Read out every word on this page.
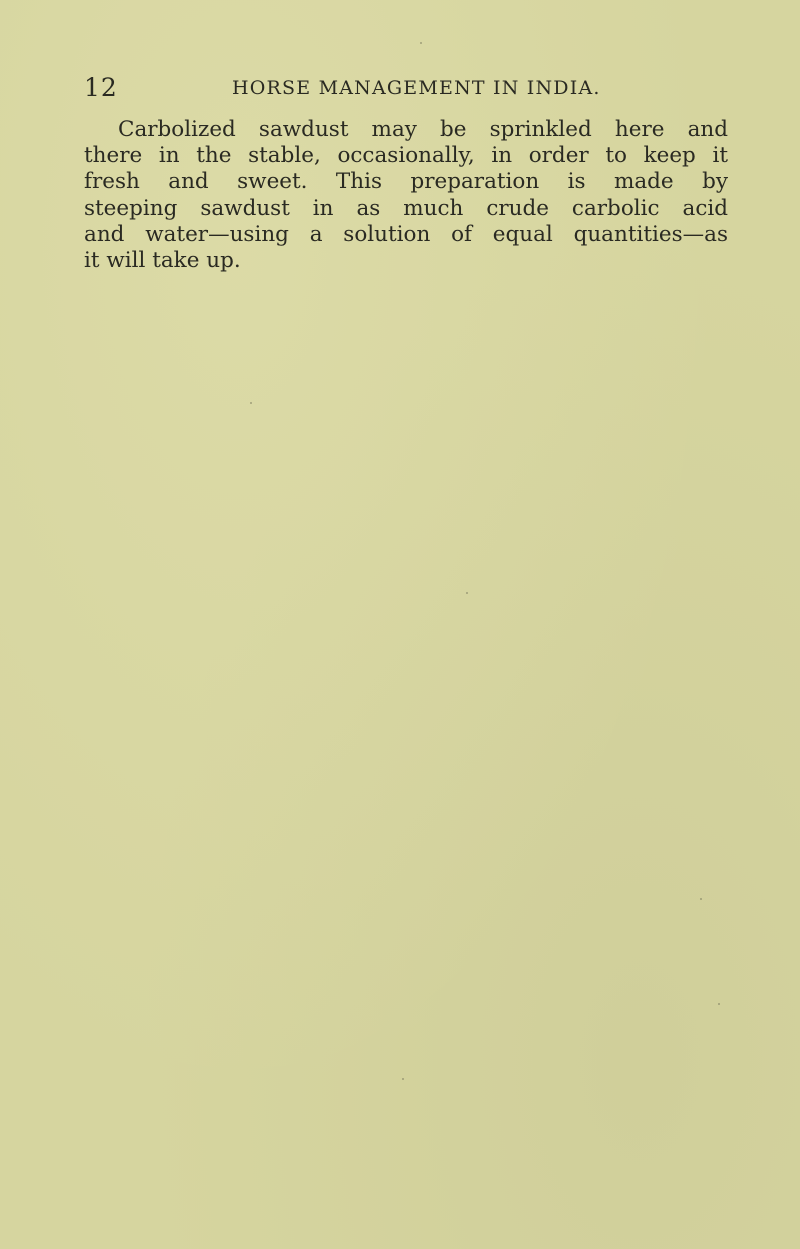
12	HORSE MANAGEMENT IN INDIA.
Carbolized sawdust may be sprinkled here and
there in the stable, occasionally, in order to keep it
fresh and sweet. This preparation is made by
steeping sawdust in as much crude carbolic acid
and water—using a solution of equal quantities—as
it will take up.
